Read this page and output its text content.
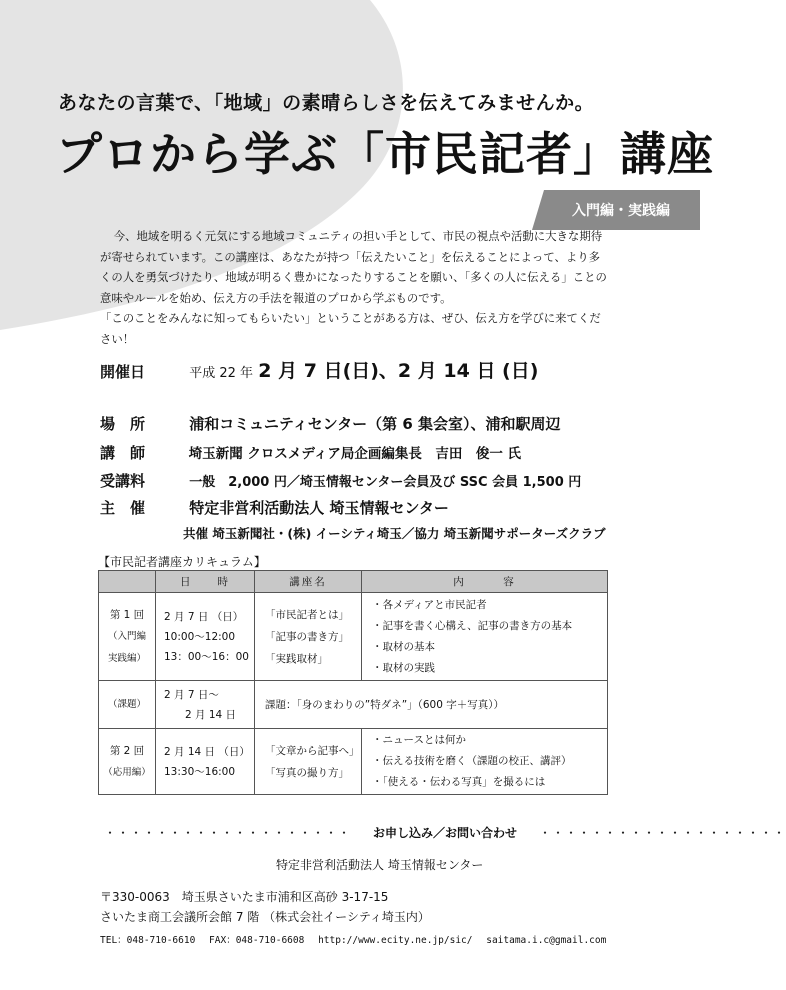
あなたの言葉で、「地域」の素晴らしさを伝えてみませんか。
プロから学ぶ「市民記者」講座
入門編・実践編

今、地域を明るく元気にする地域コミュニティの担い手として、市民の視点や活動に大きな期待が寄せられています。この講座は、あなたが持つ「伝えたいこと」を伝えることによって、より多くの人を勇気づけたり、地域が明るく豊かになったりすることを願い、「多くの人に伝える」ことの意味やルールを始め、伝え方の手法を報道のプロから学ぶものです。

「このことをみんなに知ってもらいたい」ということがある方は、ぜひ、伝え方を学びに来てください！

開催日	平成 22 年 2 月 7 日(日)、2 月 14 日 (日)
場　所	浦和コミュニティセンター（第 6 集会室）、浦和駅周辺
講　師	埼玉新聞 クロスメディア局企画編集長　吉田　俊一 氏
受講料	一般　2,000 円／埼玉情報センター会員及び SSC 会員 1,500 円
主　催	特定非営利活動法人 埼玉情報センター
共催 埼玉新聞社・(株) イーシティ埼玉／協力 埼玉新聞サポーターズクラブ
【市民記者講座カリキュラム】
	日　　時	講座名	内　　　容

第 1 回
（入門編
実践編）	2 月 7 日 （日）
10:00～12:00
13：00～16：00	「市民記者とは」
「記事の書き方」
「実践取材」	・各メディアと市民記者
・記事を書く心構え、記事の書き方の基本
・取材の基本
・取材の実践

（課題）	2 月 7 日～
　　2 月 14 日	課題：「身のまわりの”特ダネ”」（600 字＋写真））	

第 2 回
（応用編）	2 月 14 日 （日）
13:30～16:00	「文章から記事へ」
「写真の撮り方」	・ニュースとは何か
・伝える技術を磨く（課題の校正、講評）
・「使える・伝わる写真」を撮るには
・・・・・・・・・・・・・・・・・・・ お申し込み／お問い合わせ ・・・・・・・・・・・・・・・・・・・
特定非営利活動法人 埼玉情報センター
〒330-0063　埼玉県さいたま市浦和区高砂 3-17-15
さいたま商工会議所会館 7 階 （株式会社イーシティ埼玉内）
TEL：048-710-6610 FAX：048-710-6608 http://www.ecity.ne.jp/sic/ saitama.i.c@gmail.com
